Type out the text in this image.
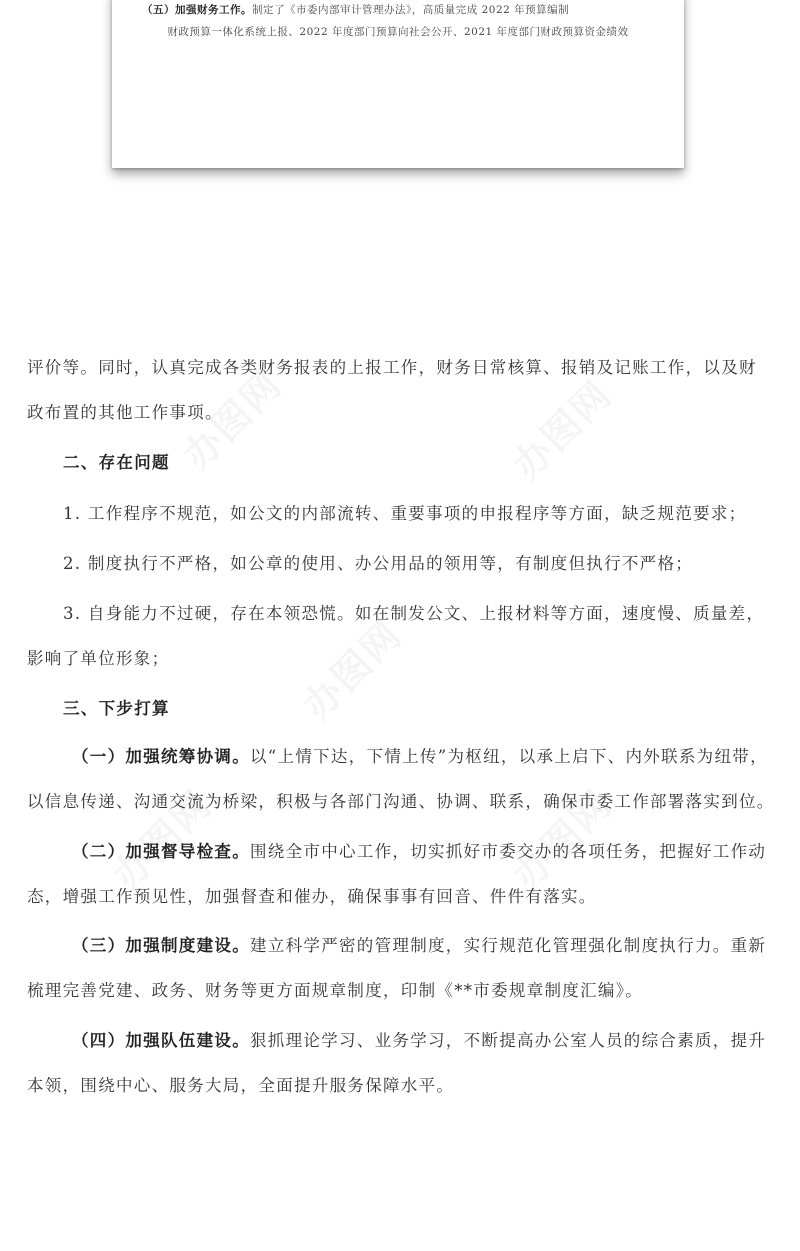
（五）加强财务工作。制定了《市委内部审计管理办法》，高质量完成 2022 年预算编制
财政预算一体化系统上报、2022 年度部门预算向社会公开、2021 年度部门财政预算资金绩效
评价等。同时，认真完成各类财务报表的上报工作，财务日常核算、报销及记账工作，以及财
政布置的其他工作事项。
二、存在问题
1. 工作程序不规范，如公文的内部流转、重要事项的申报程序等方面，缺乏规范要求；
2. 制度执行不严格，如公章的使用、办公用品的领用等，有制度但执行不严格；
3. 自身能力不过硬，存在本领恐慌。如在制发公文、上报材料等方面，速度慢、质量差，
影响了单位形象；
三、下步打算
（一）加强统筹协调。以“上情下达，下情上传”为枢纽，以承上启下、内外联系为纽带，
以信息传递、沟通交流为桥梁，积极与各部门沟通、协调、联系，确保市委工作部署落实到位。
（二）加强督导检查。围绕全市中心工作，切实抓好市委交办的各项任务，把握好工作动
态，增强工作预见性，加强督查和催办，确保事事有回音、件件有落实。
（三）加强制度建设。建立科学严密的管理制度，实行规范化管理强化制度执行力。重新
梳理完善党建、政务、财务等更方面规章制度，印制《**市委规章制度汇编》。
（四）加强队伍建设。狠抓理论学习、业务学习，不断提高办公室人员的综合素质，提升
本领，围绕中心、服务大局，全面提升服务保障水平。
